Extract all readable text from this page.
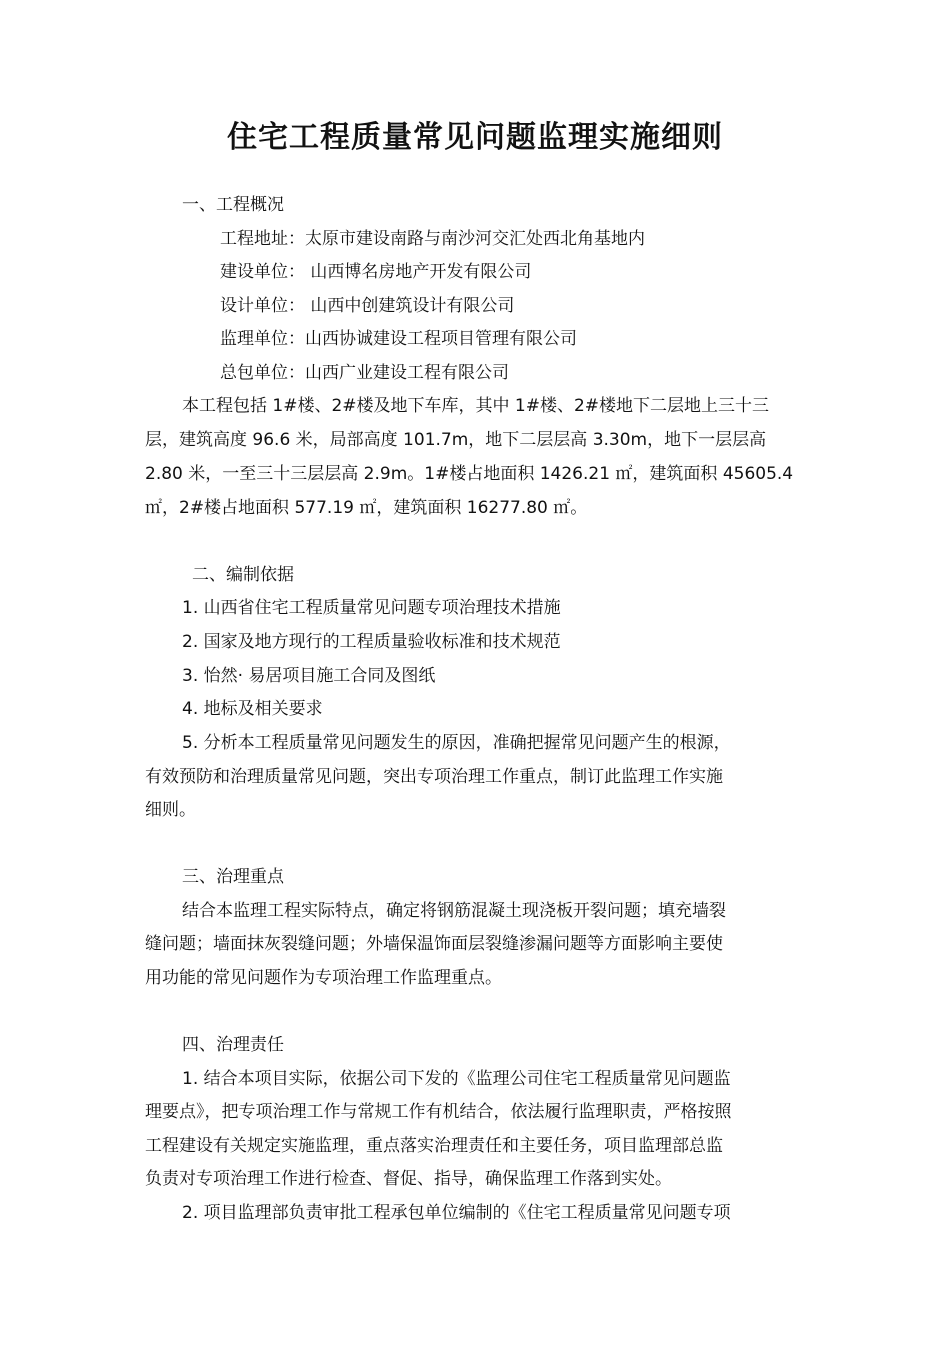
住宅工程质量常见问题监理实施细则

一、工程概况

工程地址：太原市建设南路与南沙河交汇处西北角基地内

建设单位： 山西博名房地产开发有限公司

设计单位： 山西中创建筑设计有限公司

监理单位：山西协诚建设工程项目管理有限公司

总包单位：山西广业建设工程有限公司

本工程包括 1#楼、2#楼及地下车库，其中 1#楼、2#楼地下二层地上三十三

层，建筑高度 96.6 米，局部高度 101.7m，地下二层层高 3.30m，地下一层层高

2.80 米，一至三十三层层高 2.9m。1#楼占地面积 1426.21 ㎡，建筑面积 45605.4

㎡，2#楼占地面积 577.19 ㎡，建筑面积 16277.80 ㎡。

二、编制依据

1. 山西省住宅工程质量常见问题专项治理技术措施

2. 国家及地方现行的工程质量验收标准和技术规范

3. 怡然· 易居项目施工合同及图纸

4. 地标及相关要求

5. 分析本工程质量常见问题发生的原因，准确把握常见问题产生的根源，

有效预防和治理质量常见问题，突出专项治理工作重点，制订此监理工作实施

细则。

三、治理重点

结合本监理工程实际特点，确定将钢筋混凝土现浇板开裂问题；填充墙裂

缝问题；墙面抹灰裂缝问题；外墙保温饰面层裂缝渗漏问题等方面影响主要使

用功能的常见问题作为专项治理工作监理重点。

四、治理责任

1. 结合本项目实际，依据公司下发的《监理公司住宅工程质量常见问题监

理要点》，把专项治理工作与常规工作有机结合，依法履行监理职责，严格按照

工程建设有关规定实施监理，重点落实治理责任和主要任务，项目监理部总监

负责对专项治理工作进行检查、督促、指导，确保监理工作落到实处。

2. 项目监理部负责审批工程承包单位编制的《住宅工程质量常见问题专项
